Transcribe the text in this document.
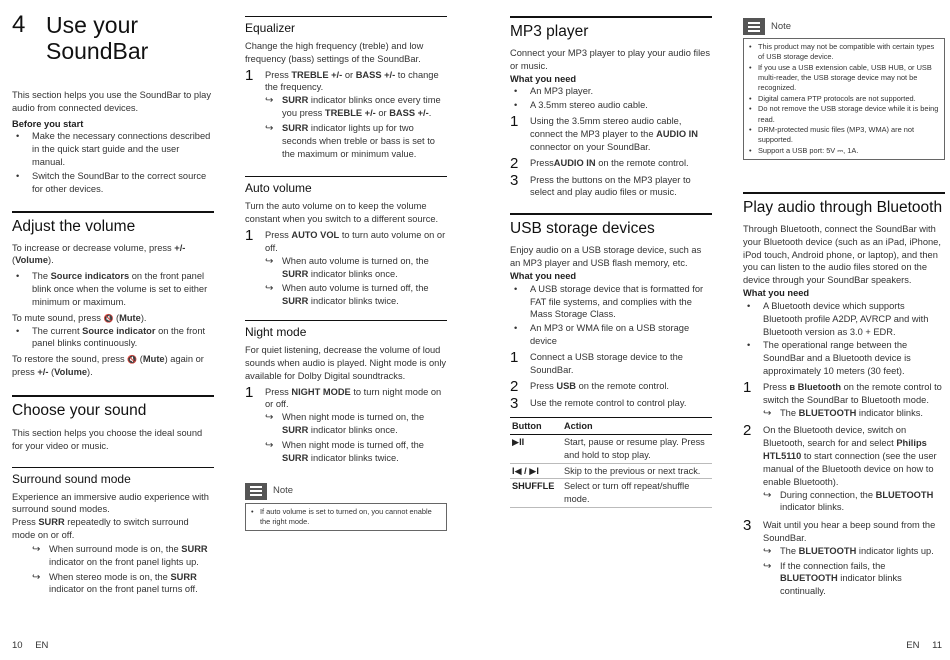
4 Use your
SoundBar

This section helps you use the SoundBar to play audio from connected devices.

Before you start

• Make the necessary connections described in the quick start guide and the user manual.
• Switch the SoundBar to the correct source for other devices.
Adjust the volume

To increase or decrease volume, press +/- (Volume).

• The Source indicators on the front panel blink once when the volume is set to either minimum or maximum.

To mute sound, press 🔇 (Mute).

• The current Source indicator on the front panel blinks continuously.

To restore the sound, press 🔇 (Mute) again or press +/- (Volume).

Choose your sound

This section helps you choose the ideal sound for your video or music.

Surround sound mode

Experience an immersive audio experience with surround sound modes.

Press SURR repeatedly to switch surround mode on or off.

↪ When surround mode is on, the SURR indicator on the front panel lights up.
↪ When stereo mode is on, the SURR indicator on the front panel turns off.
Equalizer

Change the high frequency (treble) and low frequency (bass) settings of the SoundBar.

1	Press TREBLE +/- or BASS +/- to change the frequency.
↪ SURR indicator blinks once every time you press TREBLE +/- or BASS +/-.
↪ SURR indicator lights up for two seconds when treble or bass is set to the maximum or minimum value.
Auto volume

Turn the auto volume on to keep the volume constant when you switch to a different source.

1	Press AUTO VOL to turn auto volume on or off.
↪ When auto volume is turned on, the SURR indicator blinks once.
↪ When auto volume is turned off, the SURR indicator blinks twice.
Night mode

For quiet listening, decrease the volume of loud sounds when audio is played. Night mode is only available for Dolby Digital soundtracks.

1	Press NIGHT MODE to turn night mode on or off.
↪ When night mode is turned on, the SURR indicator blinks once.
↪ When night mode is turned off, the SURR indicator blinks twice.
Note
• If auto volume is set to turned on, you cannot enable the right mode.
MP3 player

Connect your MP3 player to play your audio files or music.

What you need

• An MP3 player.
• A 3.5mm stereo audio cable.
1	Using the 3.5mm stereo audio cable, connect the MP3 player to the AUDIO IN connector on your SoundBar.
2	PressAUDIO IN on the remote control.
3	Press the buttons on the MP3 player to select and play audio files or music.
USB storage devices

Enjoy audio on a USB storage device, such as an MP3 player and USB flash memory, etc.

What you need

• A USB storage device that is formatted for FAT file systems, and complies with the Mass Storage Class.
• An MP3 or WMA file on a USB storage device
1	Connect a USB storage device to the SoundBar.
2	Press USB on the remote control.
3	Use the remote control to control play.
Button	Action
▶II	Start, pause or resume play. Press and hold to stop play.
I◀ / ▶I	Skip to the previous or next track.
SHUFFLE	Select or turn off repeat/shuffle mode.
Note
• This product may not be compatible with certain types of USB storage device.
• If you use a USB extension cable, USB HUB, or USB multi-reader, the USB storage device may not be recognized.
• Digital camera PTP protocols are not supported.
• Do not remove the USB storage device while it is being read.
• DRM-protected music files (MP3, WMA) are not supported.
• Support a USB port: 5V ⎓, 1A.
Play audio through Bluetooth

Through Bluetooth, connect the SoundBar with your Bluetooth device (such as an iPad, iPhone, iPod touch, Android phone, or laptop), and then you can listen to the audio files stored on the device through your SoundBar speakers.

What you need

• A Bluetooth device which supports Bluetooth profile A2DP, AVRCP and with Bluetooth version as 3.0 + EDR.
• The operational range between the SoundBar and a Bluetooth device is approximately 10 meters (30 feet).
1	Press ʙ Bluetooth on the remote control to switch the SoundBar to Bluetooth mode.
↪ The BLUETOOTH indicator blinks.
2	On the Bluetooth device, switch on Bluetooth, search for and select Philips HTL5110 to start connection (see the user manual of the Bluetooth device on how to enable Bluetooth).
↪ During connection, the BLUETOOTH indicator blinks.
3	Wait until you hear a beep sound from the SoundBar.
↪ The BLUETOOTH indicator lights up.
↪ If the connection fails, the BLUETOOTH indicator blinks continually.
10 EN	EN 11
